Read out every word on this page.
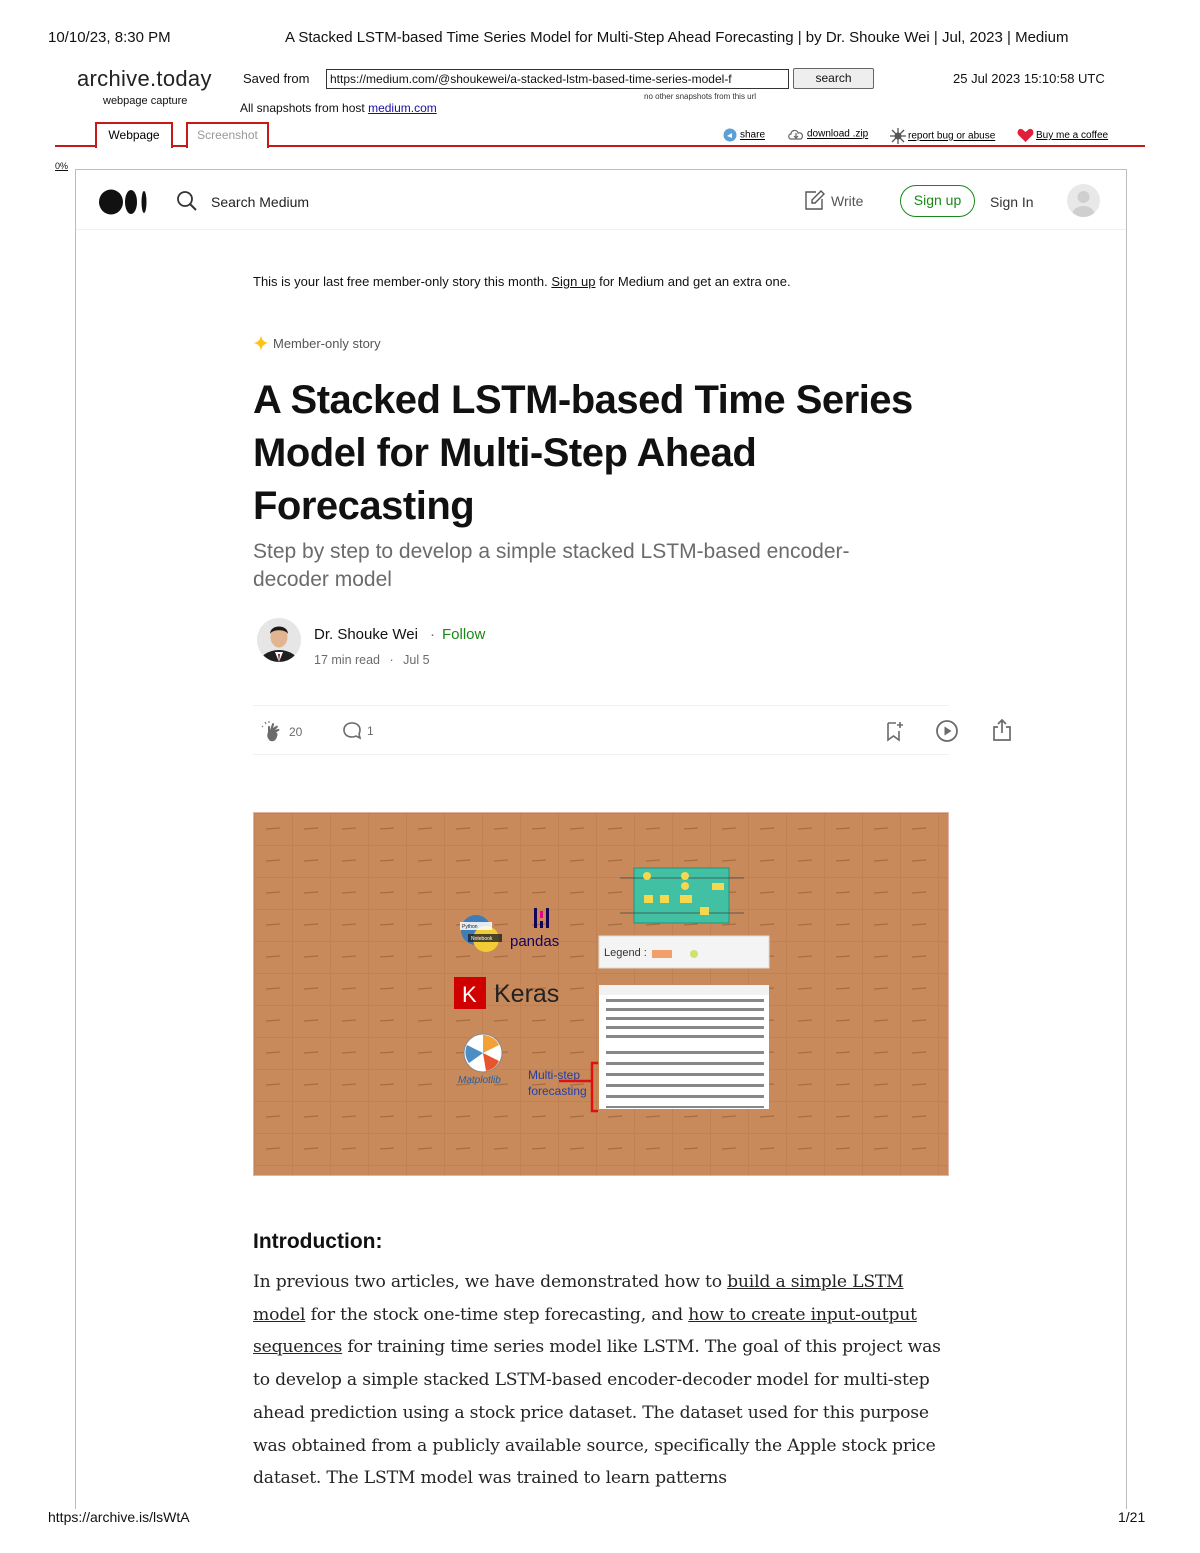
10/10/23, 8:30 PM	A Stacked LSTM-based Time Series Model for Multi-Step Ahead Forecasting | by Dr. Shouke Wei | Jul, 2023 | Medium
archive.today
webpage capture
Saved from	https://medium.com/@shoukewei/a-stacked-lstm-based-time-series-model-f	search	25 Jul 2023 15:10:58 UTC
no other snapshots from this url
All snapshots from host medium.com
Webpage	Screenshot	share	download .zip	report bug or abuse	Buy me a coffee
0%
Search Medium	Write	Sign up	Sign In
This is your last free member-only story this month. Sign up for Medium and get an extra one.
Member-only story
A Stacked LSTM-based Time Series Model for Multi-Step Ahead Forecasting
Step by step to develop a simple stacked LSTM-based encoder-decoder model
Dr. Shouke Wei · Follow
17 min read · Jul 5
20	1
Python
Notebook pandas
K Keras
Matplotlib Multi-step
forecasting
Legend :
Introduction:

In previous two articles, we have demonstrated how to build a simple LSTM model for the stock one-time step forecasting, and how to create input-output sequences for training time series model like LSTM. The goal of this project was to develop a simple stacked LSTM-based encoder-decoder model for multi-step ahead prediction using a stock price dataset. The dataset used for this purpose was obtained from a publicly available source, specifically the Apple stock price dataset. The LSTM model was trained to learn patterns

https://archive.is/lsWtA	1/21
